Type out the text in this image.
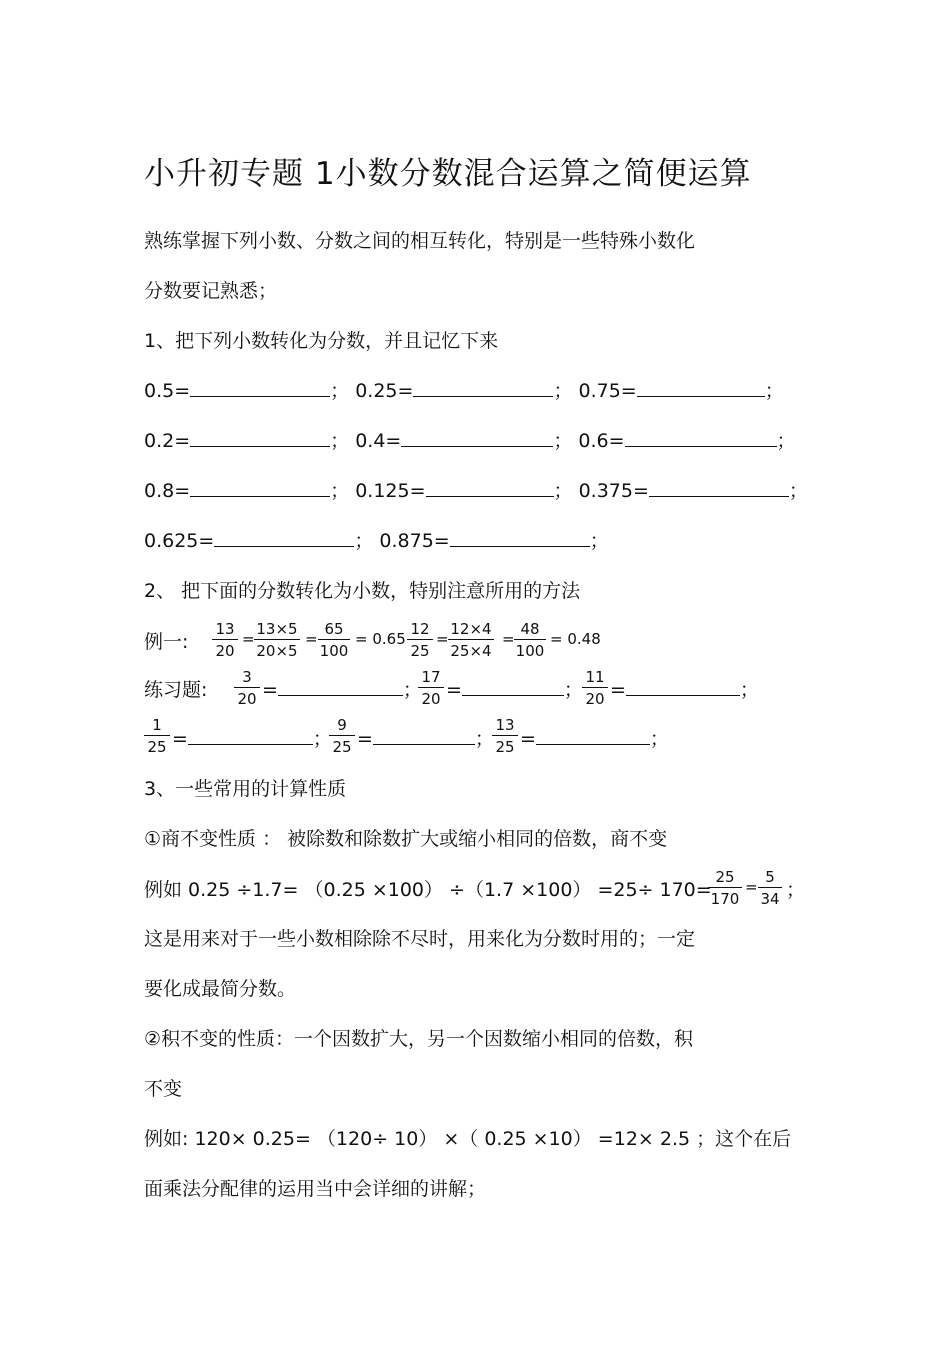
小升初专题 1小数分数混合运算之简便运算
熟练掌握下列小数、分数之间的相互转化，特别是一些特殊小数化
分数要记熟悉；
1、把下列小数转化为分数，并且记忆下来
0.5=	； 0.25=	； 0.75=	；
0.2=	； 0.4=	； 0.6=	；
0.8=	； 0.125=	； 0.375=	；
0.625=	； 0.875=	；
2、 把下面的分数转化为小数，特别注意所用的方法
例一: $\frac{13}{20} = \frac{13\times 5}{20\times 5} = \frac{65}{100} = 0.65 \frac{12}{25} = \frac{12\times 4}{25\times 4} = \frac{48}{100} = 0.48$
练习题: $\frac{3}{20}$ =	；
$\frac{17}{20}$ =	； $\frac{11}{20}$ =	；
$\frac{1}{25}$ =	；
$\frac{9}{25}$ =	；
$\frac{13}{25}$ =	；
3、一些常用的计算性质
①商不变性质 ： 被除数和除数扩大或缩小相同的倍数，商不变
例如 0.25 ÷1.7= （0.25 ×100） ÷（1.7 ×100） =25÷ 170=
$\frac{25}{170} = \frac{5}{34}$ ；
这是用来对于一些小数相除除不尽时，用来化为分数时用的；一定
要化成最简分数。
②积不变的性质：一个因数扩大，另一个因数缩小相同的倍数，积
不变
例如: 120× 0.25= （120÷ 10） ×（ 0.25 ×10） =12× 2.5 ；这个在后
面乘法分配律的运用当中会详细的讲解；
